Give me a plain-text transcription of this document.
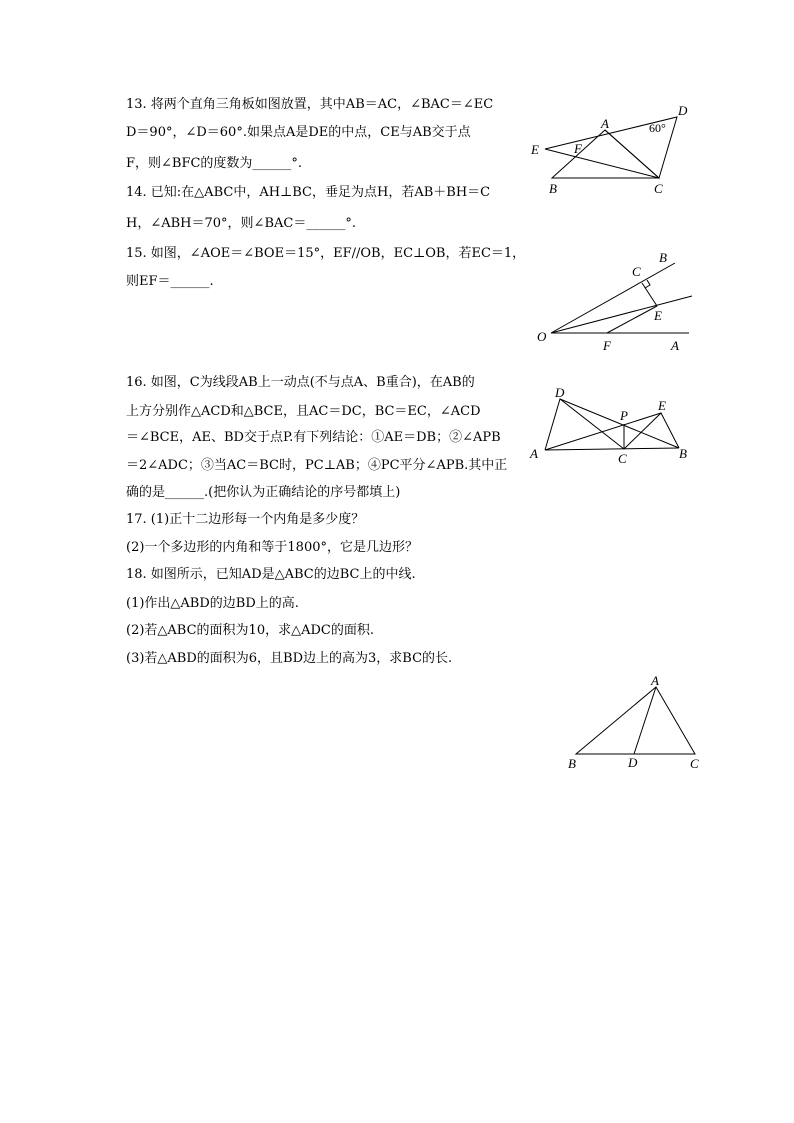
13. 将两个直角三角板如图放置，其中AB＝AC，∠BAC＝∠EC
D＝90°，∠D＝60°.如果点A是DE的中点，CE与AB交于点
F，则∠BFC的度数为______°.
14. 已知:在△ABC中，AH⊥BC，垂足为点H，若AB＋BH＝C
H，∠ABH＝70°，则∠BAC＝______°.
15. 如图，∠AOE＝∠BOE＝15°，EF//OB，EC⊥OB，若EC＝1，
则EF＝______.
16. 如图，C为线段AB上一动点(不与点A、B重合)，在AB的
上方分别作△ACD和△BCE，且AC＝DC，BC＝EC，∠ACD
＝∠BCE，AE、BD交于点P.有下列结论：①AE＝DB；②∠APB
＝2∠ADC；③当AC＝BC时，PC⊥AB；④PC平分∠APB.其中正
确的是______.(把你认为正确结论的序号都填上)
17. (1)正十二边形每一个内角是多少度？
(2)一个多边形的内角和等于1800°，它是几边形？
18. 如图所示，已知AD是△ABC的边BC上的中线.
(1)作出△ABD的边BD上的高.
(2)若△ABC的面积为10，求△ADC的面积.
(3)若△ABD的面积为6，且BD边上的高为3，求BC的长.
D
A	60°
E	F
B	C
B
C
E
O
F	A
D
E
P
A	C	B
A
B	D	C
